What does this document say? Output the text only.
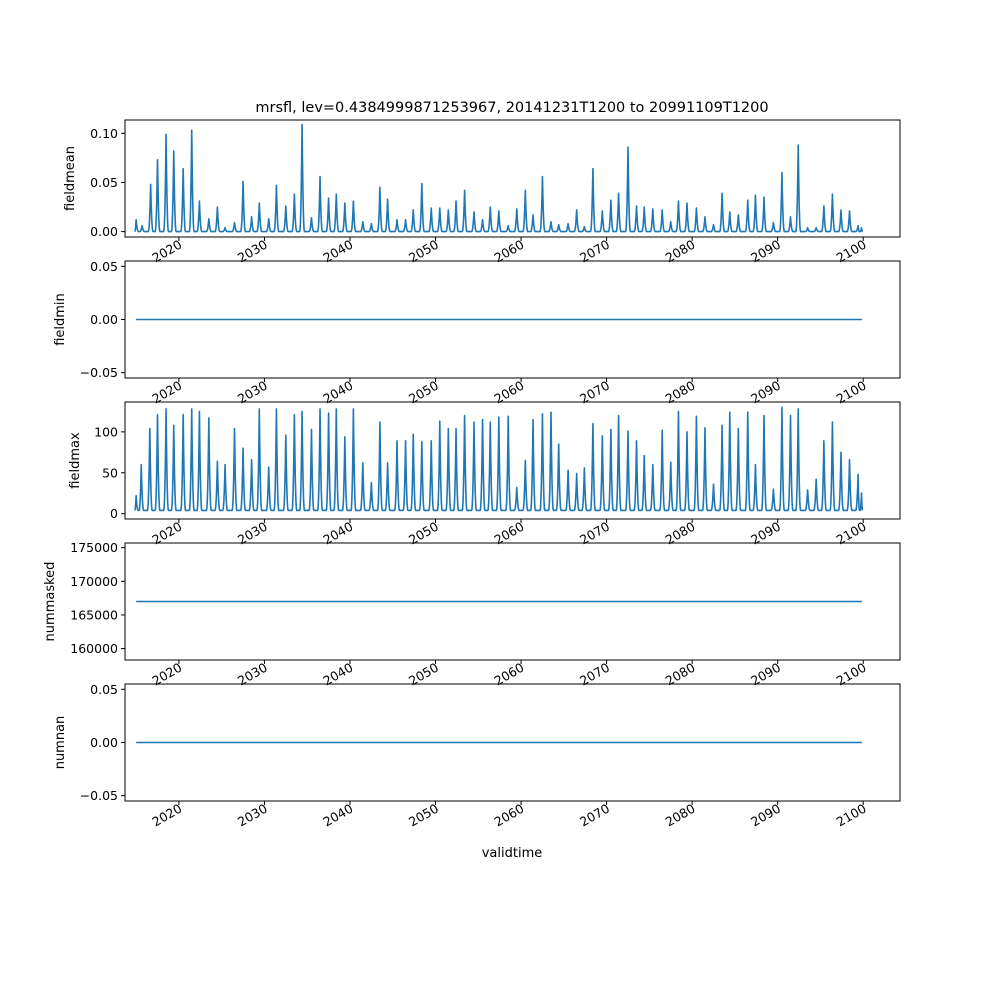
mrsfl, lev=0.4384999871253967, 20141231T1200 to 20991109T1200
validtime
0.00
0.05
0.10
fieldmean
2020	2030	2040	2050	2060	2070	2080	2090	2100
−0.05
0.00
0.05
fieldmin
2020	2030	2040	2050	2060	2070	2080	2090	2100
0
50
100
fieldmax
2020	2030	2040	2050	2060	2070	2080	2090	2100
160000
165000
170000
175000
nummasked
2020	2030	2040	2050	2060	2070	2080	2090	2100
−0.05
0.00
0.05
numnan
2020	2030	2040	2050	2060	2070	2080	2090	2100
